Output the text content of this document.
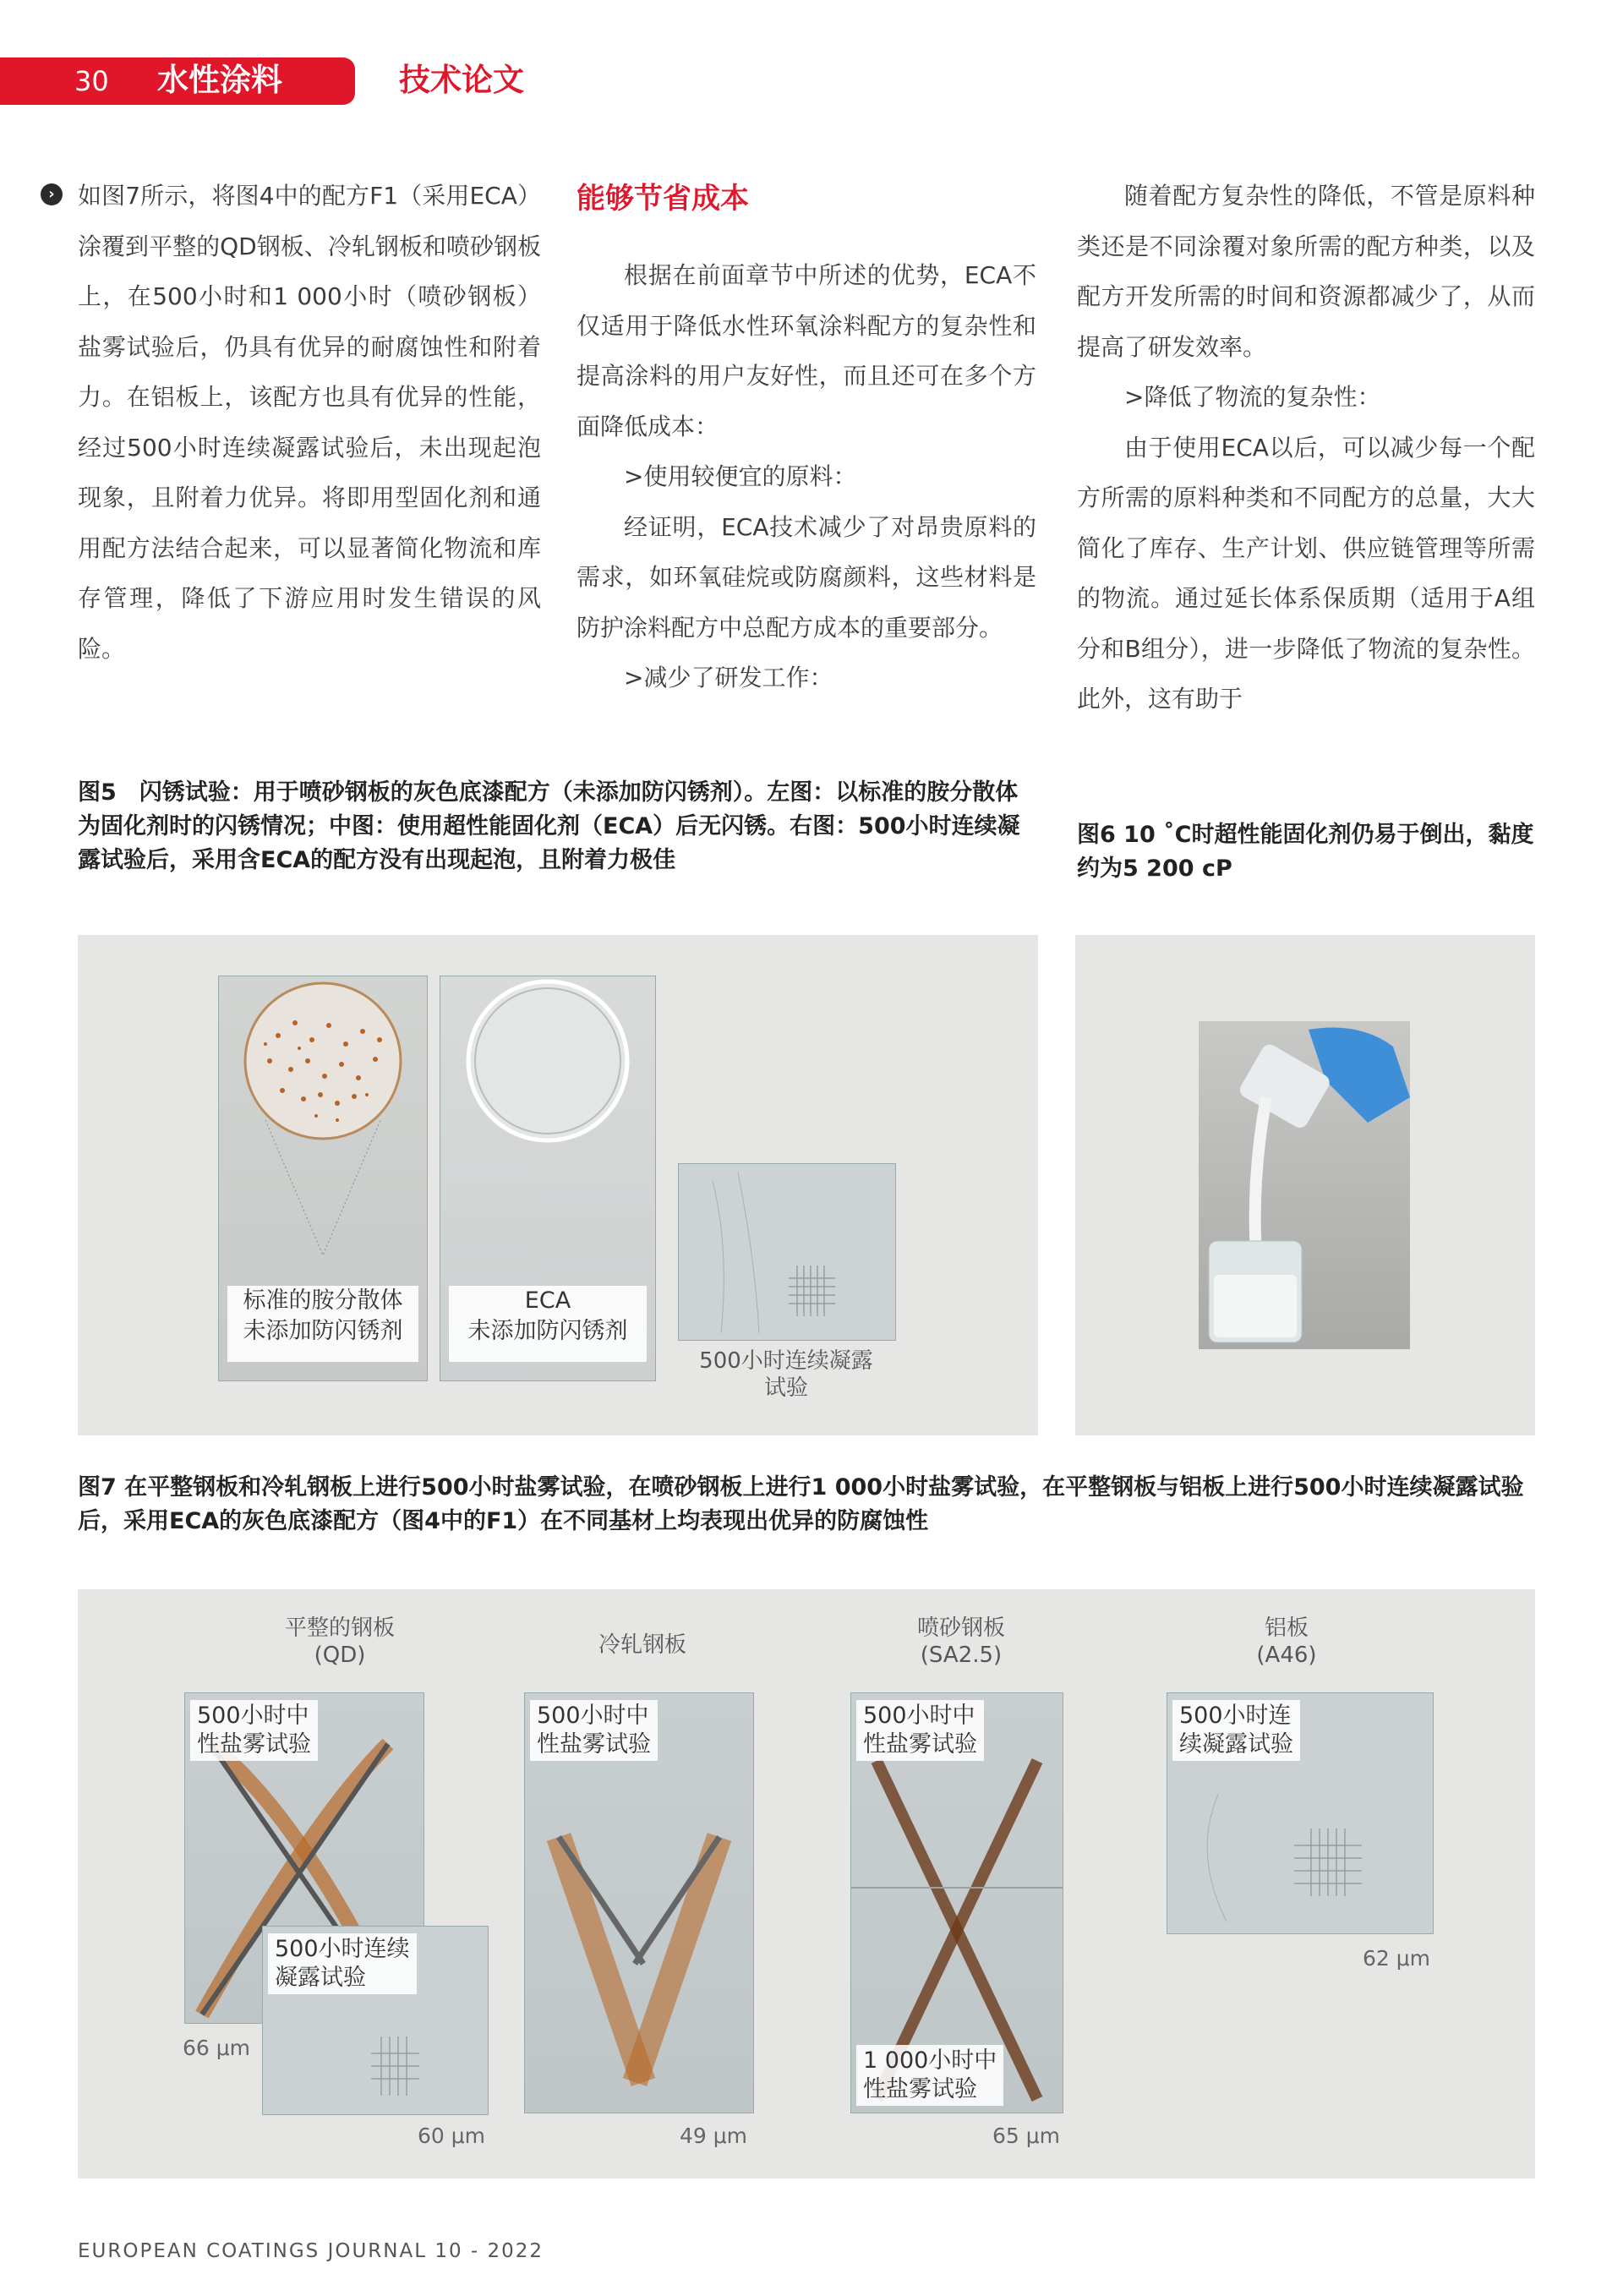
30 水性涂料	技术论文
› 如图7所示，将图4中的配方F1（采用ECA）涂覆到平整的QD钢板、冷轧钢板和喷砂钢板上，在500小时和1 000小时（喷砂钢板）盐雾试验后，仍具有优异的耐腐蚀性和附着力。在铝板上，该配方也具有优异的性能，经过500小时连续凝露试验后，未出现起泡现象，且附着力优异。将即用型固化剂和通用配方法结合起来，可以显著简化物流和库存管理，降低了下游应用时发生错误的风险。

能够节省成本

根据在前面章节中所述的优势，ECA不仅适用于降低水性环氧涂料配方的复杂性和提高涂料的用户友好性，而且还可在多个方面降低成本：

>使用较便宜的原料：

经证明，ECA技术减少了对昂贵原料的需求，如环氧硅烷或防腐颜料，这些材料是防护涂料配方中总配方成本的重要部分。

>减少了研发工作：

随着配方复杂性的降低，不管是原料种类还是不同涂覆对象所需的配方种类，以及配方开发所需的时间和资源都减少了，从而提高了研发效率。

>降低了物流的复杂性：

由于使用ECA以后，可以减少每一个配方所需的原料种类和不同配方的总量，大大简化了库存、生产计划、供应链管理等所需的物流。通过延长体系保质期（适用于A组分和B组分），进一步降低了物流的复杂性。此外，这有助于

图5　闪锈试验：用于喷砂钢板的灰色底漆配方（未添加防闪锈剂）。左图：以标准的胺分散体为固化剂时的闪锈情况；中图：使用超性能固化剂（ECA）后无闪锈。右图：500小时连续凝露试验后，采用含ECA的配方没有出现起泡，且附着力极佳
图6 10 ˚C时超性能固化剂仍易于倒出，黏度约为5 200 cP
标准的胺分散体
未添加防闪锈剂
ECA
未添加防闪锈剂
500小时连续凝露
试验
图7 在平整钢板和冷轧钢板上进行500小时盐雾试验，在喷砂钢板上进行1 000小时盐雾试验，在平整钢板与铝板上进行500小时连续凝露试验后，采用ECA的灰色底漆配方（图4中的F1）在不同基材上均表现出优异的防腐蚀性
平整的钢板
(QD)
500小时中
性盐雾试验
66 μm
500小时连续
凝露试验
60 μm
冷轧钢板
500小时中
性盐雾试验
49 μm
喷砂钢板
(SA2.5)
500小时中
性盐雾试验
1 000小时中
性盐雾试验
65 μm
铝板
(A46)
500小时连
续凝露试验
62 μm
EUROPEAN COATINGS JOURNAL 10 - 2022
